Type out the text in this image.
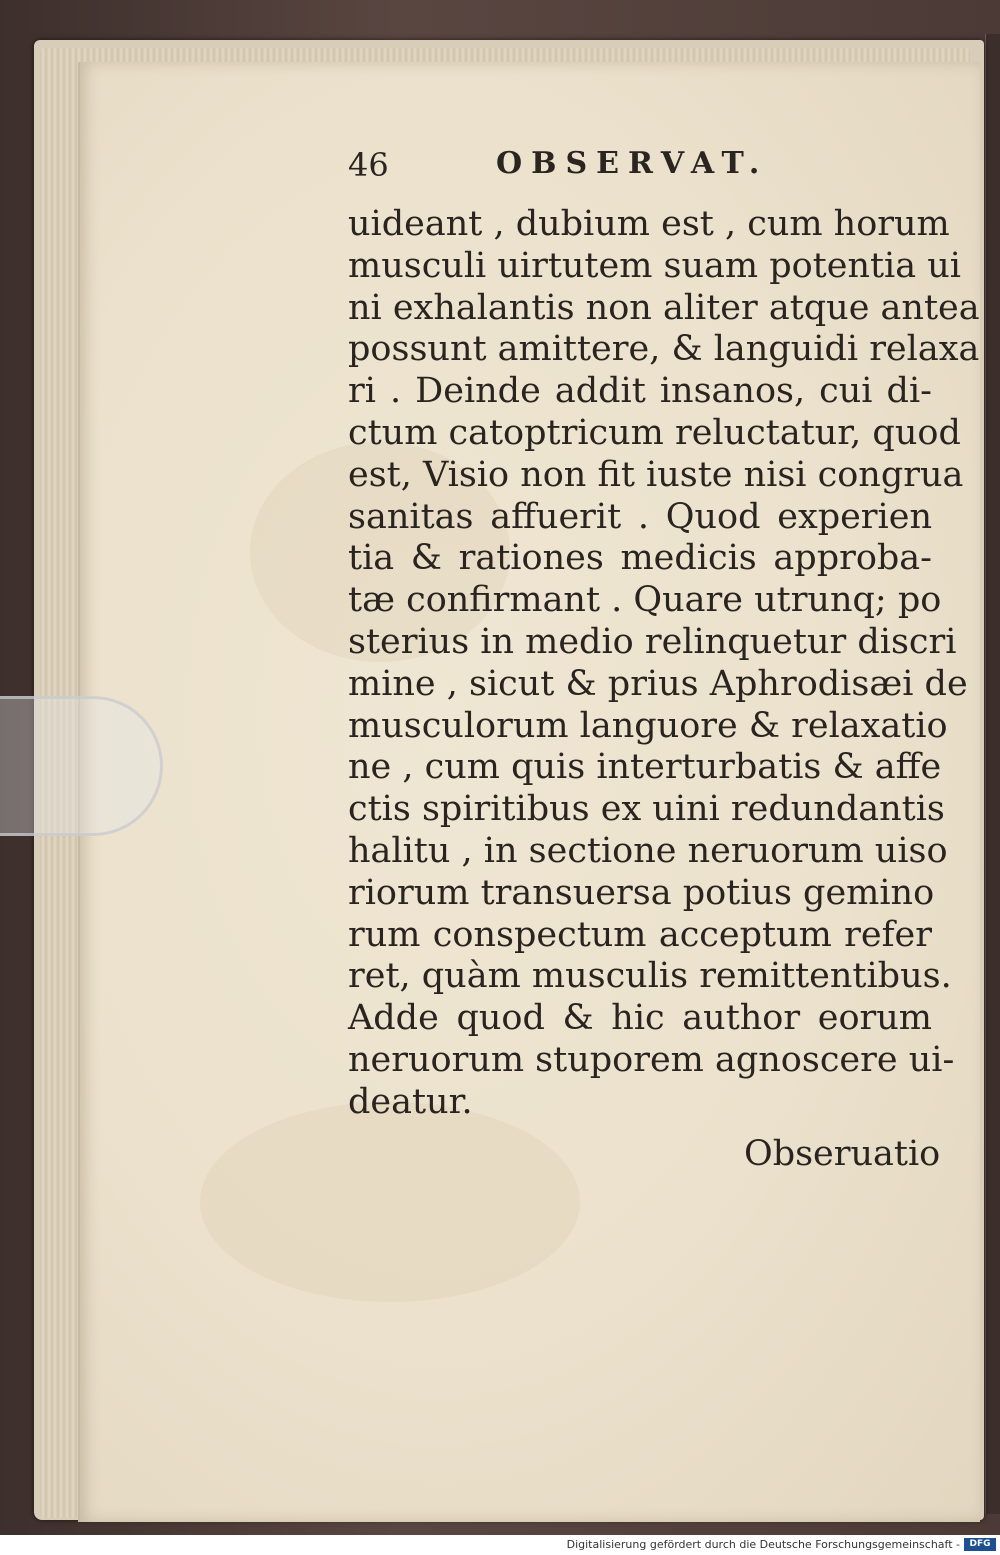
46	OBSERVAT.
uideant , dubium est , cum horum
musculi uirtutem suam potentia ui
ni exhalantis non aliter atque antea
possunt amittere, & languidi relaxa
ri . Deinde addit insanos, cui di-
ctum catoptricum reluctatur, quod
est, Visio non fit iuste nisi congrua
sanitas affuerit . Quod experien
tia & rationes medicis approba-
tæ confirmant . Quare utrunq; po
sterius in medio relinquetur discri
mine , sicut & prius Aphrodisæi de
musculorum languore & relaxatio
ne , cum quis interturbatis & affe
ctis spiritibus ex uini redundantis
halitu , in sectione neruorum uiso
riorum transuersa potius gemino
rum conspectum acceptum refer
ret, quàm musculis remittentibus.
Adde quod & hic author eorum
neruorum stuporem agnoscere ui-
deatur.
Obseruatio
Digitalisierung gefördert durch die Deutsche Forschungsgemeinschaft -	DFG
